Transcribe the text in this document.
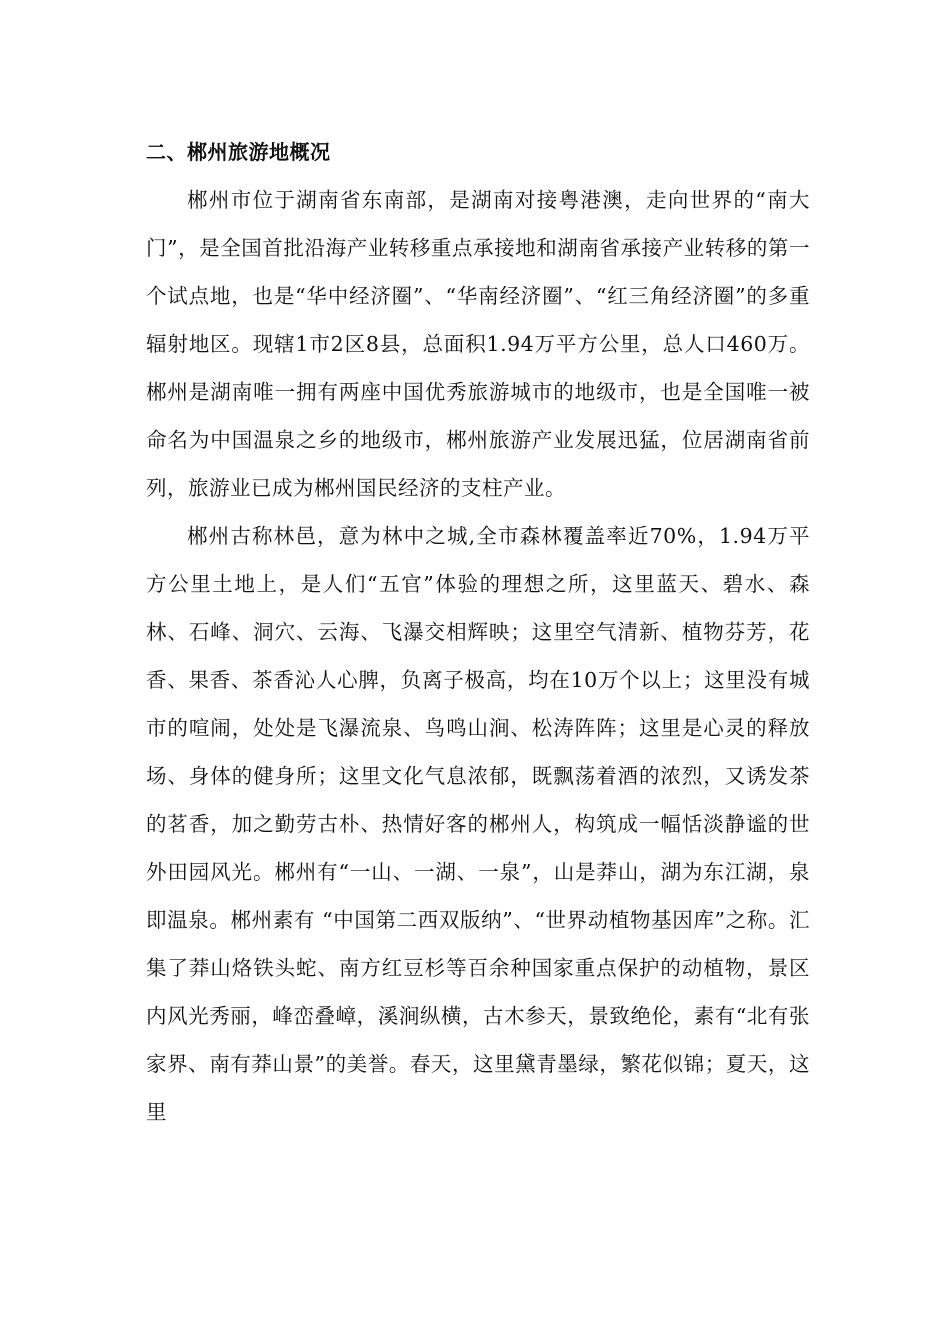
二、郴州旅游地概况

郴州市位于湖南省东南部，是湖南对接粤港澳，走向世界的“南大门”，是全国首批沿海产业转移重点承接地和湖南省承接产业转移的第一个试点地，也是“华中经济圈”、“华南经济圈”、“红三角经济圈”的多重辐射地区。现辖1市2区8县，总面积1.94万平方公里，总人口460万。郴州是湖南唯一拥有两座中国优秀旅游城市的地级市，也是全国唯一被命名为中国温泉之乡的地级市，郴州旅游产业发展迅猛，位居湖南省前列，旅游业已成为郴州国民经济的支柱产业。

郴州古称林邑，意为林中之城,全市森林覆盖率近70%，1.94万平方公里土地上，是人们“五官”体验的理想之所，这里蓝天、碧水、森林、石峰、洞穴、云海、飞瀑交相辉映；这里空气清新、植物芬芳，花香、果香、茶香沁人心脾，负离子极高，均在10万个以上；这里没有城市的喧闹，处处是飞瀑流泉、鸟鸣山涧、松涛阵阵；这里是心灵的释放场、身体的健身所；这里文化气息浓郁，既飘荡着酒的浓烈，又诱发茶的茗香，加之勤劳古朴、热情好客的郴州人，构筑成一幅恬淡静谧的世外田园风光。郴州有“一山、一湖、一泉”，山是莽山，湖为东江湖，泉即温泉。郴州素有 “中国第二西双版纳”、“世界动植物基因库”之称。汇集了莽山烙铁头蛇、南方红豆杉等百余种国家重点保护的动植物，景区内风光秀丽，峰峦叠嶂，溪涧纵横，古木参天，景致绝伦，素有“北有张家界、南有莽山景”的美誉。春天，这里黛青墨绿，繁花似锦；夏天，这里
